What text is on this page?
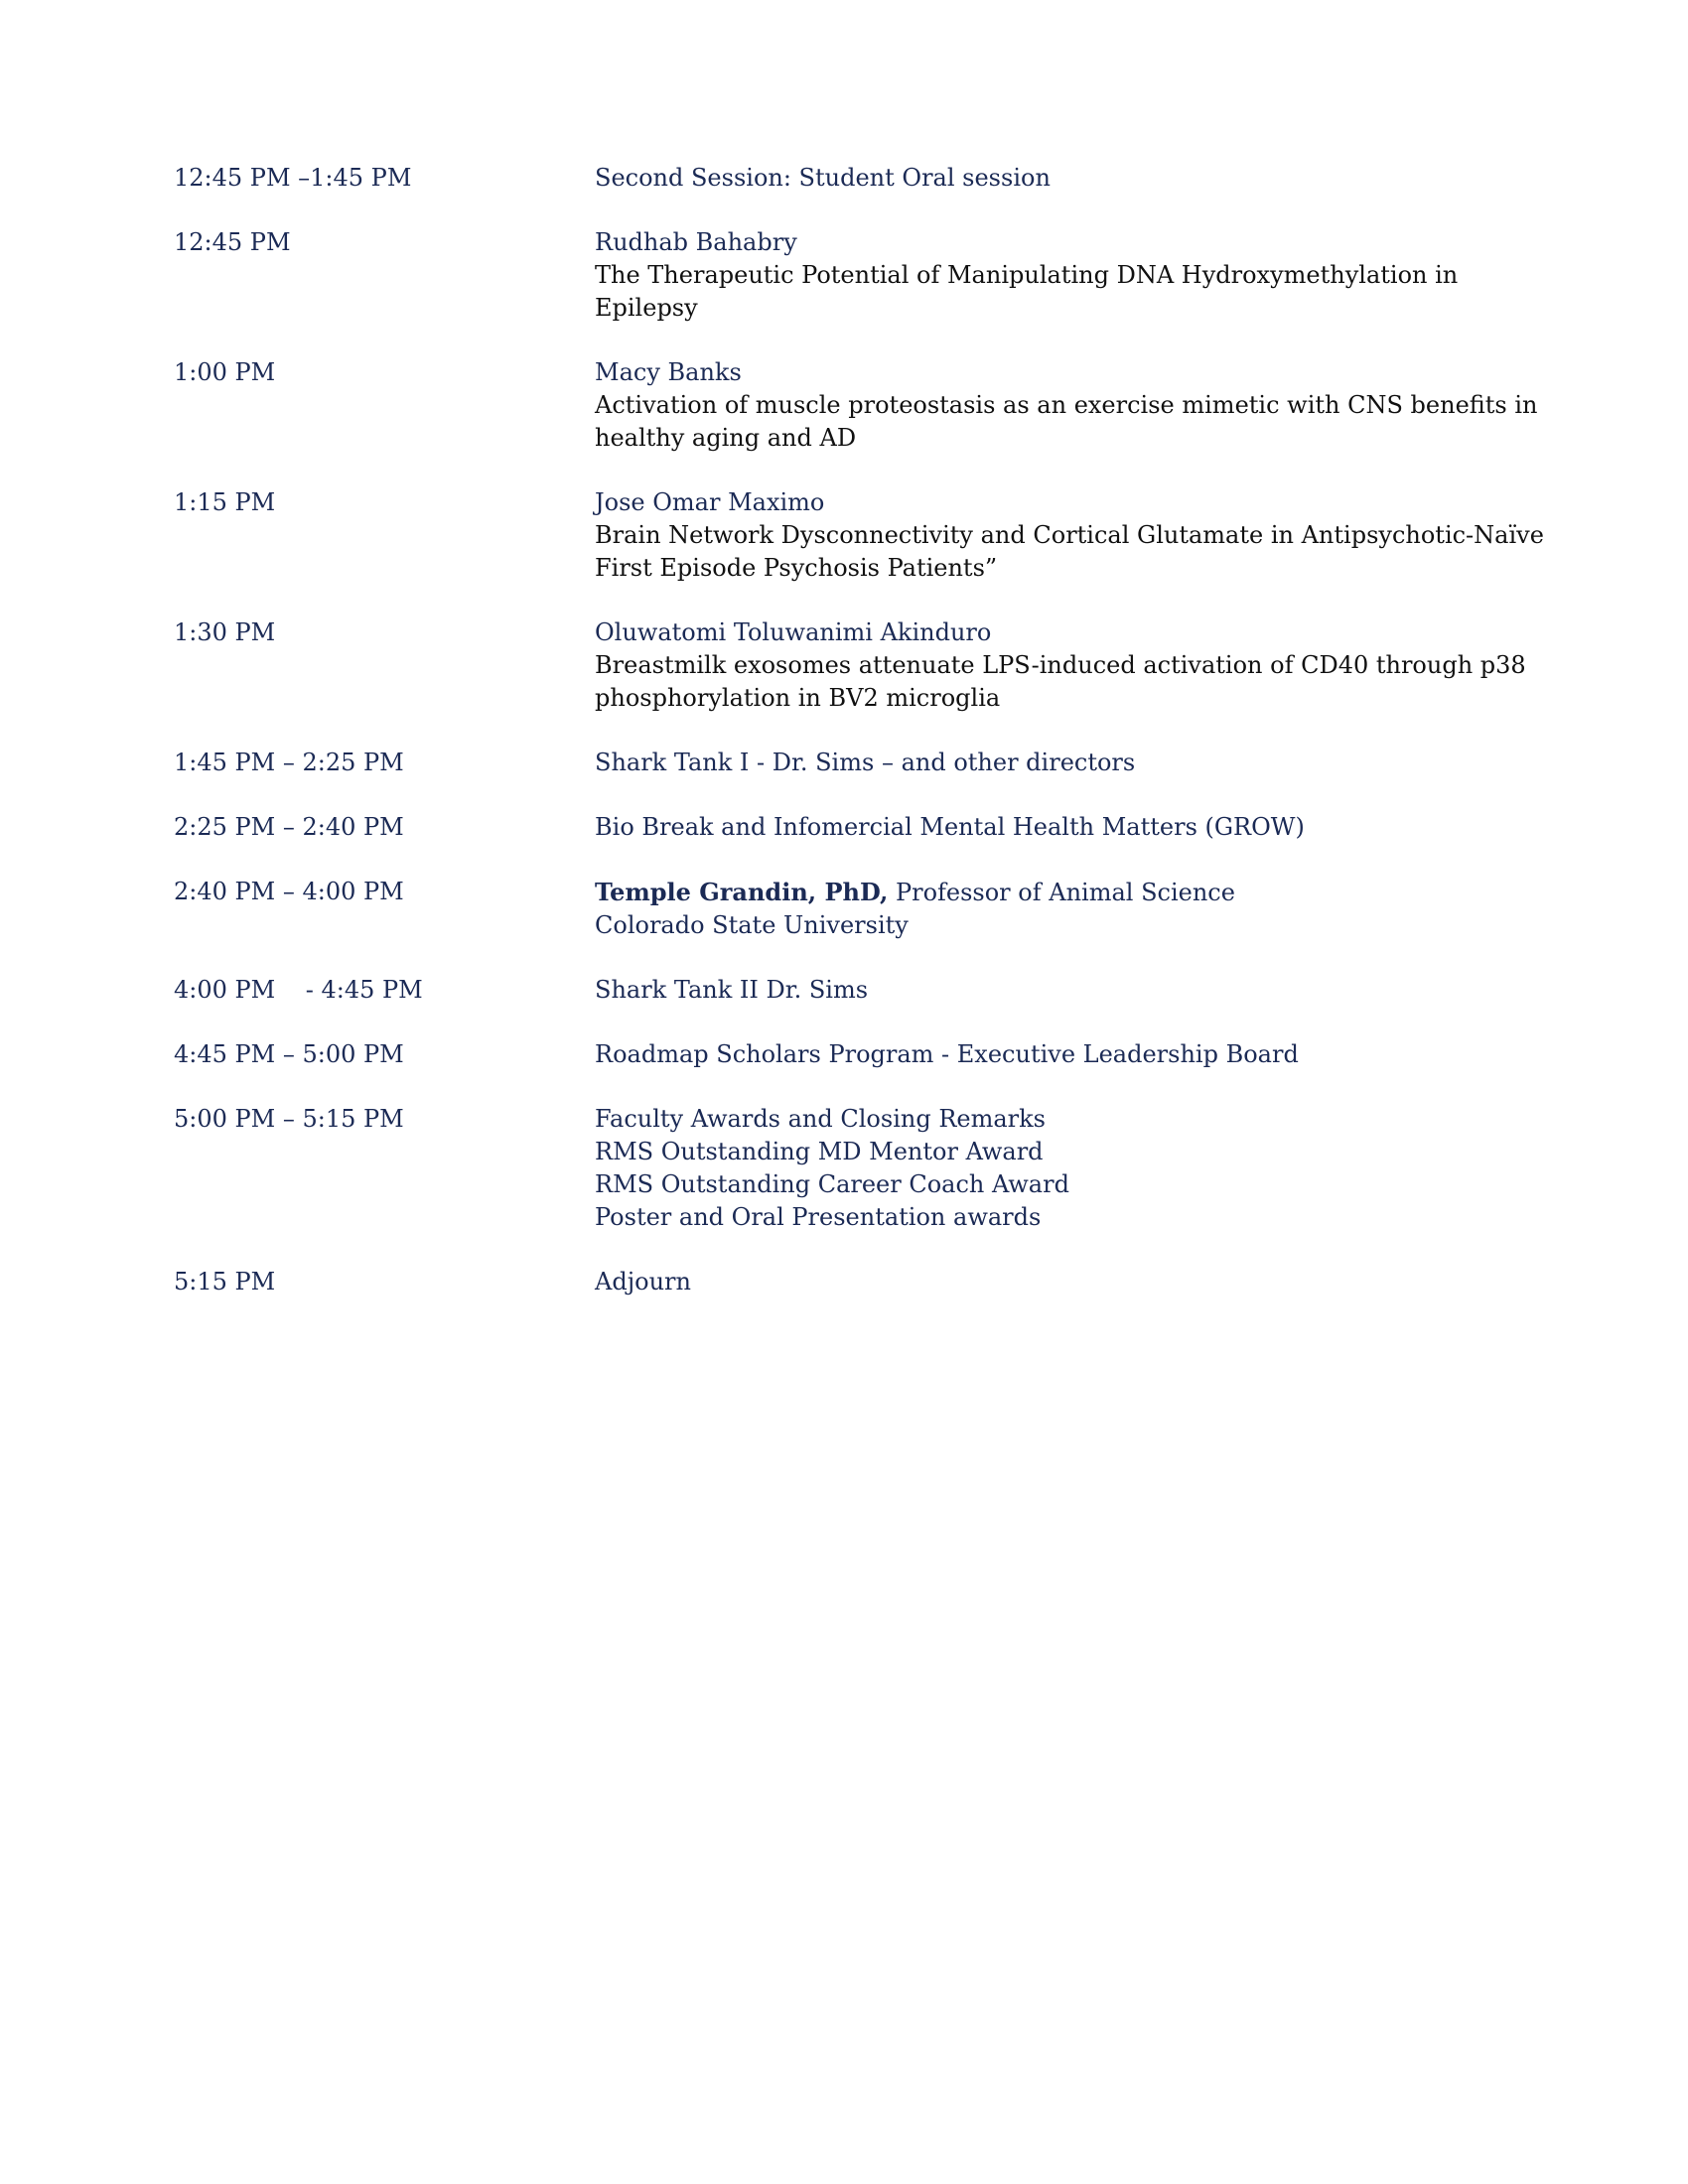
12:45 PM –1:45 PM	Second Session: Student Oral session
12:45 PM	Rudhab Bahabry
The Therapeutic Potential of Manipulating DNA Hydroxymethylation in
Epilepsy
1:00 PM	Macy Banks
Activation of muscle proteostasis as an exercise mimetic with CNS benefits in
healthy aging and AD
1:15 PM	Jose Omar Maximo
Brain Network Dysconnectivity and Cortical Glutamate in Antipsychotic-Naïve
First Episode Psychosis Patients”
1:30 PM	Oluwatomi Toluwanimi Akinduro
Breastmilk exosomes attenuate LPS-induced activation of CD40 through p38
phosphorylation in BV2 microglia
1:45 PM – 2:25 PM	Shark Tank I - Dr. Sims – and other directors
2:25 PM – 2:40 PM	Bio Break and Infomercial Mental Health Matters (GROW)
2:40 PM – 4:00 PM	Temple Grandin, PhD, Professor of Animal Science
Colorado State University
4:00 PM    - 4:45 PM	Shark Tank II Dr. Sims
4:45 PM – 5:00 PM	Roadmap Scholars Program - Executive Leadership Board
5:00 PM – 5:15 PM	Faculty Awards and Closing Remarks
RMS Outstanding MD Mentor Award
RMS Outstanding Career Coach Award
Poster and Oral Presentation awards
5:15 PM	Adjourn
